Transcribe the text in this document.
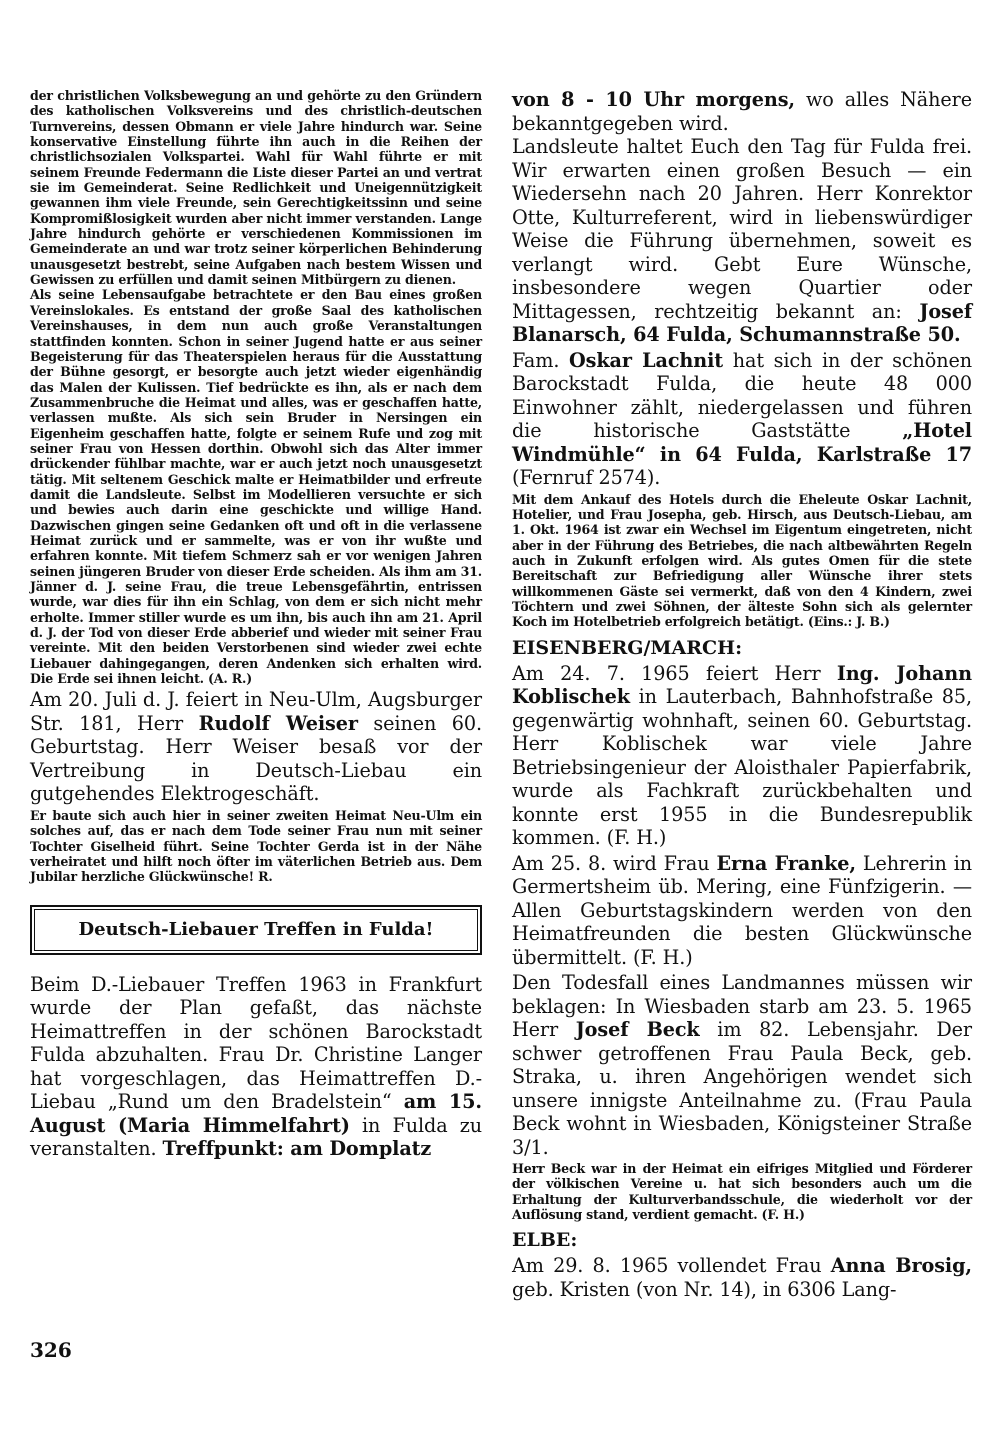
der christlichen Volksbewegung an und gehörte zu den Gründern des katholischen Volksvereins und des christlich-deutschen Turnvereins, dessen Obmann er viele Jahre hindurch war. Seine konservative Einstellung führte ihn auch in die Reihen der christlichsozialen Volkspartei. Wahl für Wahl führte er mit seinem Freunde Federmann die Liste dieser Partei an und vertrat sie im Gemeinderat. Seine Redlichkeit und Uneigennützigkeit gewannen ihm viele Freunde, sein Gerechtigkeitssinn und seine Kompromißlosigkeit wurden aber nicht immer verstanden. Lange Jahre hindurch gehörte er verschiedenen Kommissionen im Gemeinderate an und war trotz seiner körperlichen Behinderung unausgesetzt bestrebt, seine Aufgaben nach bestem Wissen und Gewissen zu erfüllen und damit seinen Mitbürgern zu dienen.

Als seine Lebensaufgabe betrachtete er den Bau eines großen Vereinslokales. Es entstand der große Saal des katholischen Vereinshauses, in dem nun auch große Veranstaltungen stattfinden konnten. Schon in seiner Jugend hatte er aus seiner Begeisterung für das Theaterspielen heraus für die Ausstattung der Bühne gesorgt, er besorgte auch jetzt wieder eigenhändig das Malen der Kulissen. Tief bedrückte es ihn, als er nach dem Zusammenbruche die Heimat und alles, was er geschaffen hatte, verlassen mußte. Als sich sein Bruder in Nersingen ein Eigenheim geschaffen hatte, folgte er seinem Rufe und zog mit seiner Frau von Hessen dorthin. Obwohl sich das Alter immer drückender fühlbar machte, war er auch jetzt noch unausgesetzt tätig. Mit seltenem Geschick malte er Heimatbilder und erfreute damit die Landsleute. Selbst im Modellieren versuchte er sich und bewies auch darin eine geschickte und willige Hand. Dazwischen gingen seine Gedanken oft und oft in die verlassene Heimat zurück und er sammelte, was er von ihr wußte und erfahren konnte. Mit tiefem Schmerz sah er vor wenigen Jahren seinen jüngeren Bruder von dieser Erde scheiden. Als ihm am 31. Jänner d. J. seine Frau, die treue Lebensgefährtin, entrissen wurde, war dies für ihn ein Schlag, von dem er sich nicht mehr erholte. Immer stiller wurde es um ihn, bis auch ihn am 21. April d. J. der Tod von dieser Erde abberief und wieder mit seiner Frau vereinte. Mit den beiden Verstorbenen sind wieder zwei echte Liebauer dahingegangen, deren Andenken sich erhalten wird. Die Erde sei ihnen leicht. (A. R.)

Am 20. Juli d. J. feiert in Neu-Ulm, Augsburger Str. 181, Herr Rudolf Weiser seinen 60. Geburtstag. Herr Weiser besaß vor der Vertreibung in Deutsch-Liebau ein gutgehendes Elektrogeschäft.

Er baute sich auch hier in seiner zweiten Heimat Neu-Ulm ein solches auf, das er nach dem Tode seiner Frau nun mit seiner Tochter Giselheid führt. Seine Tochter Gerda ist in der Nähe verheiratet und hilft noch öfter im väterlichen Betrieb aus. Dem Jubilar herzliche Glückwünsche! R.

Deutsch-Liebauer Treffen in Fulda!

Beim D.-Liebauer Treffen 1963 in Frankfurt wurde der Plan gefaßt, das nächste Heimattreffen in der schönen Barockstadt Fulda abzuhalten. Frau Dr. Christine Langer hat vorgeschlagen, das Heimattreffen D.-Liebau „Rund um den Bradelstein“ am 15. August (Maria Himmelfahrt) in Fulda zu veranstalten. Treffpunkt: am Domplatz

von 8 - 10 Uhr morgens, wo alles Nähere bekanntgegeben wird.

Landsleute haltet Euch den Tag für Fulda frei. Wir erwarten einen großen Besuch — ein Wiedersehn nach 20 Jahren. Herr Konrektor Otte, Kulturreferent, wird in liebenswürdiger Weise die Führung übernehmen, soweit es verlangt wird. Gebt Eure Wünsche, insbesondere wegen Quartier oder Mittagessen, rechtzeitig bekannt an: Josef Blanarsch, 64 Fulda, Schumannstraße 50.

Fam. Oskar Lachnit hat sich in der schönen Barockstadt Fulda, die heute 48 000 Einwohner zählt, niedergelassen und führen die historische Gaststätte „Hotel Windmühle“ in 64 Fulda, Karlstraße 17 (Fernruf 2574).

Mit dem Ankauf des Hotels durch die Eheleute Oskar Lachnit, Hotelier, und Frau Josepha, geb. Hirsch, aus Deutsch-Liebau, am 1. Okt. 1964 ist zwar ein Wechsel im Eigentum eingetreten, nicht aber in der Führung des Betriebes, die nach altbewährten Regeln auch in Zukunft erfolgen wird. Als gutes Omen für die stete Bereitschaft zur Befriedigung aller Wünsche ihrer stets willkommenen Gäste sei vermerkt, daß von den 4 Kindern, zwei Töchtern und zwei Söhnen, der älteste Sohn sich als gelernter Koch im Hotelbetrieb erfolgreich betätigt. (Eins.: J. B.)

EISENBERG/MARCH:

Am 24. 7. 1965 feiert Herr Ing. Johann Koblischek in Lauterbach, Bahnhofstraße 85, gegenwärtig wohnhaft, seinen 60. Geburtstag. Herr Koblischek war viele Jahre Betriebsingenieur der Aloisthaler Papierfabrik, wurde als Fachkraft zurückbehalten und konnte erst 1955 in die Bundesrepublik kommen. (F. H.)

Am 25. 8. wird Frau Erna Franke, Lehrerin in Germertsheim üb. Mering, eine Fünfzigerin. — Allen Geburtstagskindern werden von den Heimatfreunden die besten Glückwünsche übermittelt. (F. H.)

Den Todesfall eines Landmannes müssen wir beklagen: In Wiesbaden starb am 23. 5. 1965 Herr Josef Beck im 82. Lebensjahr. Der schwer getroffenen Frau Paula Beck, geb. Straka, u. ihren Angehörigen wendet sich unsere innigste Anteilnahme zu. (Frau Paula Beck wohnt in Wiesbaden, Königsteiner Straße 3/1.

Herr Beck war in der Heimat ein eifriges Mitglied und Förderer der völkischen Vereine u. hat sich besonders auch um die Erhaltung der Kulturverbandsschule, die wiederholt vor der Auflösung stand, verdient gemacht. (F. H.)

ELBE:

Am 29. 8. 1965 vollendet Frau Anna Brosig, geb. Kristen (von Nr. 14), in 6306 Lang-

326
